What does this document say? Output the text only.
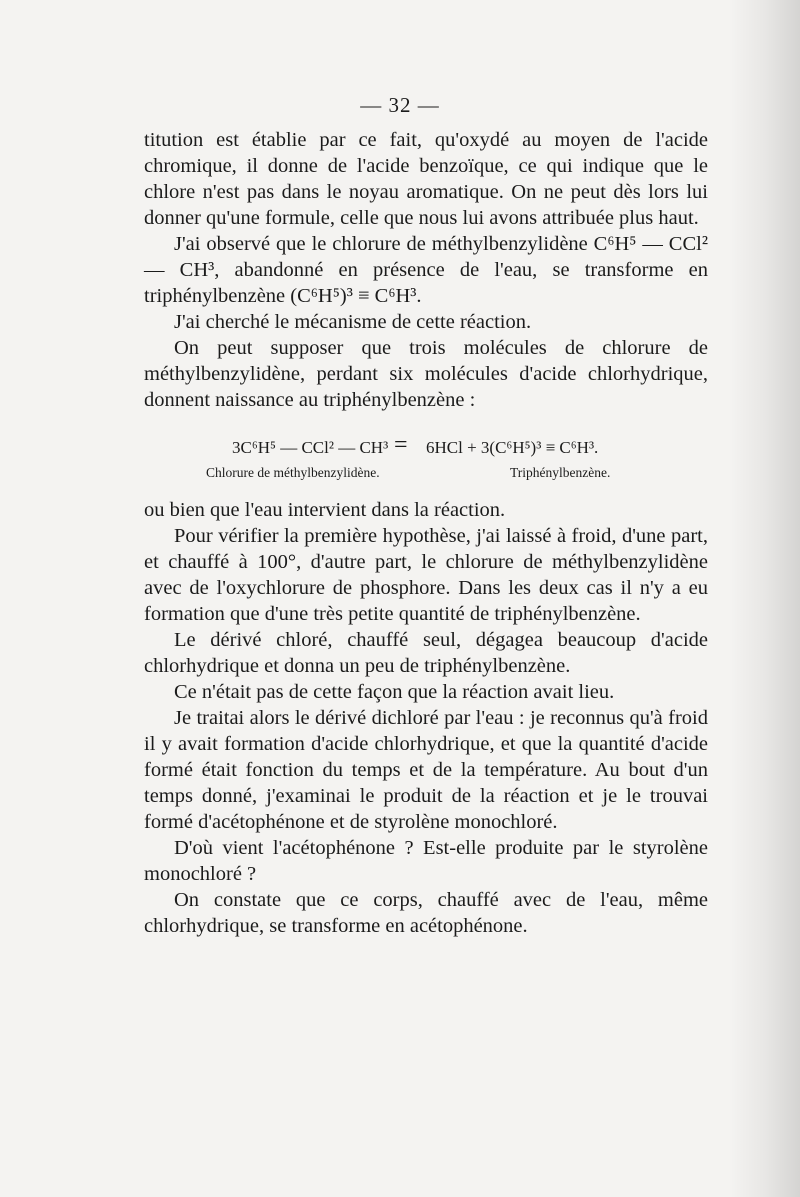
— 32 —

titution est établie par ce fait, qu'oxydé au moyen de l'acide chromique, il donne de l'acide benzoïque, ce qui indique que le chlore n'est pas dans le noyau aromatique. On ne peut dès lors lui donner qu'une formule, celle que nous lui avons attribuée plus haut.

J'ai observé que le chlorure de méthylbenzylidène C⁶H⁵ — CCl² — CH³, abandonné en présence de l'eau, se transforme en triphénylbenzène (C⁶H⁵)³ ≡ C⁶H³.

J'ai cherché le mécanisme de cette réaction.

On peut supposer que trois molécules de chlorure de méthylbenzylidène, perdant six molécules d'acide chlorhydrique, donnent naissance au triphénylbenzène :

3C⁶H⁵ — CCl² — CH³ = 6HCl + 3(C⁶H⁵)³ ≡ C⁶H³.
Chlorure de méthylbenzylidène.	Triphénylbenzène.

ou bien que l'eau intervient dans la réaction.

Pour vérifier la première hypothèse, j'ai laissé à froid, d'une part, et chauffé à 100°, d'autre part, le chlorure de méthylbenzylidène avec de l'oxychlorure de phosphore. Dans les deux cas il n'y a eu formation que d'une très petite quantité de triphénylbenzène.

Le dérivé chloré, chauffé seul, dégagea beaucoup d'acide chlorhydrique et donna un peu de triphénylbenzène.

Ce n'était pas de cette façon que la réaction avait lieu.

Je traitai alors le dérivé dichloré par l'eau : je reconnus qu'à froid il y avait formation d'acide chlorhydrique, et que la quantité d'acide formé était fonction du temps et de la température. Au bout d'un temps donné, j'examinai le produit de la réaction et je le trouvai formé d'acétophénone et de styrolène monochloré.

D'où vient l'acétophénone ? Est-elle produite par le styrolène monochloré ?

On constate que ce corps, chauffé avec de l'eau, même chlorhydrique, se transforme en acétophénone.
